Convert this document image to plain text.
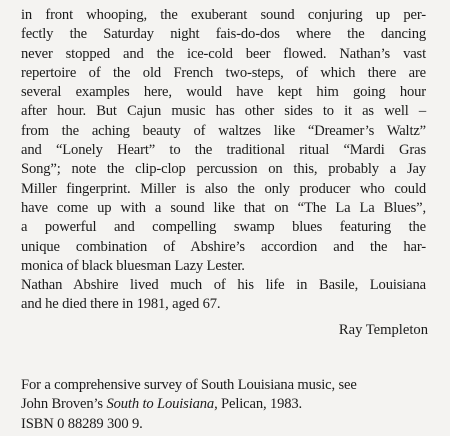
in front whooping, the exuberant sound conjuring up per-
fectly the Saturday night fais-do-dos where the dancing
never stopped and the ice-cold beer flowed. Nathan’s vast
repertoire of the old French two-steps, of which there are
several examples here, would have kept him going hour
after hour. But Cajun music has other sides to it as well –
from the aching beauty of waltzes like “Dreamer’s Waltz”
and “Lonely Heart” to the traditional ritual “Mardi Gras
Song”; note the clip-clop percussion on this, probably a Jay
Miller fingerprint. Miller is also the only producer who could
have come up with a sound like that on “The La La Blues”,
a powerful and compelling swamp blues featuring the
unique combination of Abshire’s accordion and the har-
monica of black bluesman Lazy Lester.

Nathan Abshire lived much of his life in Basile, Louisiana
and he died there in 1981, aged 67.

Ray Templeton
For a comprehensive survey of South Louisiana music, see
John Broven’s South to Louisiana, Pelican, 1983.
ISBN 0 88289 300 9.
